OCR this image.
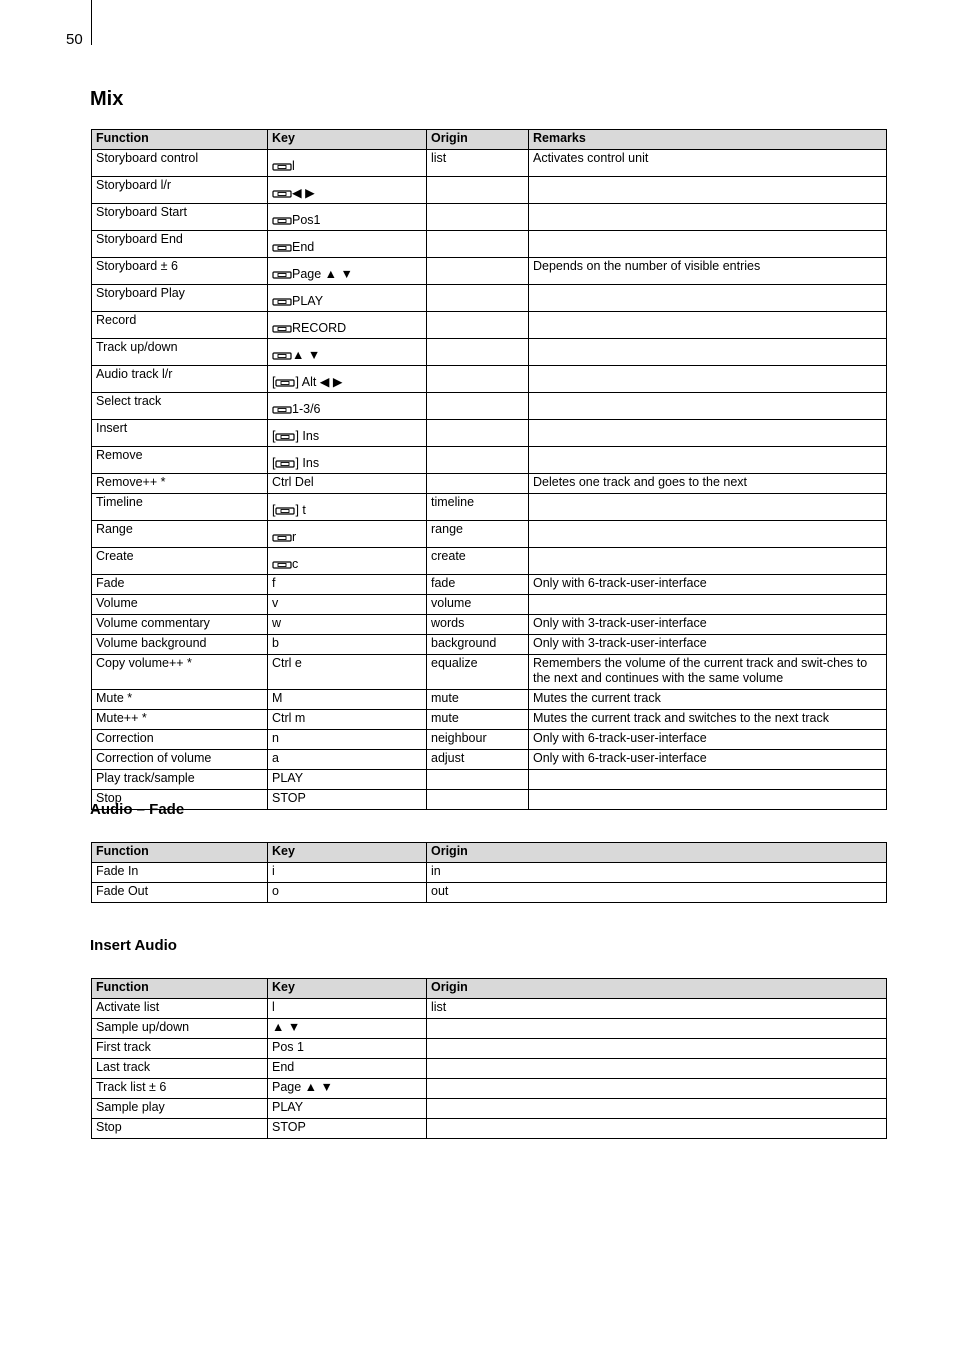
50
Mix
Function	Key	Origin	Remarks
Storyboard control	l	list	Activates control unit
Storyboard l/r	◀ ▶		
Storyboard Start	Pos1		
Storyboard End	End		
Storyboard ± 6	Page ▲ ▼		Depends on the number of visible entries
Storyboard Play	PLAY		
Record	RECORD		
Track up/down	▲ ▼		
Audio track l/r	[ ] Alt ◀ ▶		
Select track	1-3/6		
Insert	[ ] Ins		
Remove	[ ] Ins		
Remove++ *	Ctrl Del		Deletes one track and goes to the next
Timeline	[ ] t	timeline	
Range	r	range	
Create	c	create	
Fade	f	fade	Only with 6-track-user-interface
Volume	v	volume	
Volume commentary	w	words	Only with 3-track-user-interface
Volume background	b	background	Only with 3-track-user-interface
Copy volume++ *	Ctrl e	equalize	Remembers the volume of the current track and swit-ches to the next and continues with the same volume
Mute *	M	mute	Mutes the current track
Mute++ *	Ctrl m	mute	Mutes the current track and switches to the next track
Correction	n	neighbour	Only with 6-track-user-interface
Correction of volume	a	adjust	Only with 6-track-user-interface
Play track/sample	PLAY		
Stop	STOP		
Audio – Fade
Function	Key	Origin
Fade In	i	in
Fade Out	o	out
Insert Audio
Function	Key	Origin
Activate list	l	list
Sample up/down	▲ ▼	
First track	Pos 1	
Last track	End	
Track list ± 6	Page ▲ ▼	
Sample play	PLAY	
Stop	STOP	
